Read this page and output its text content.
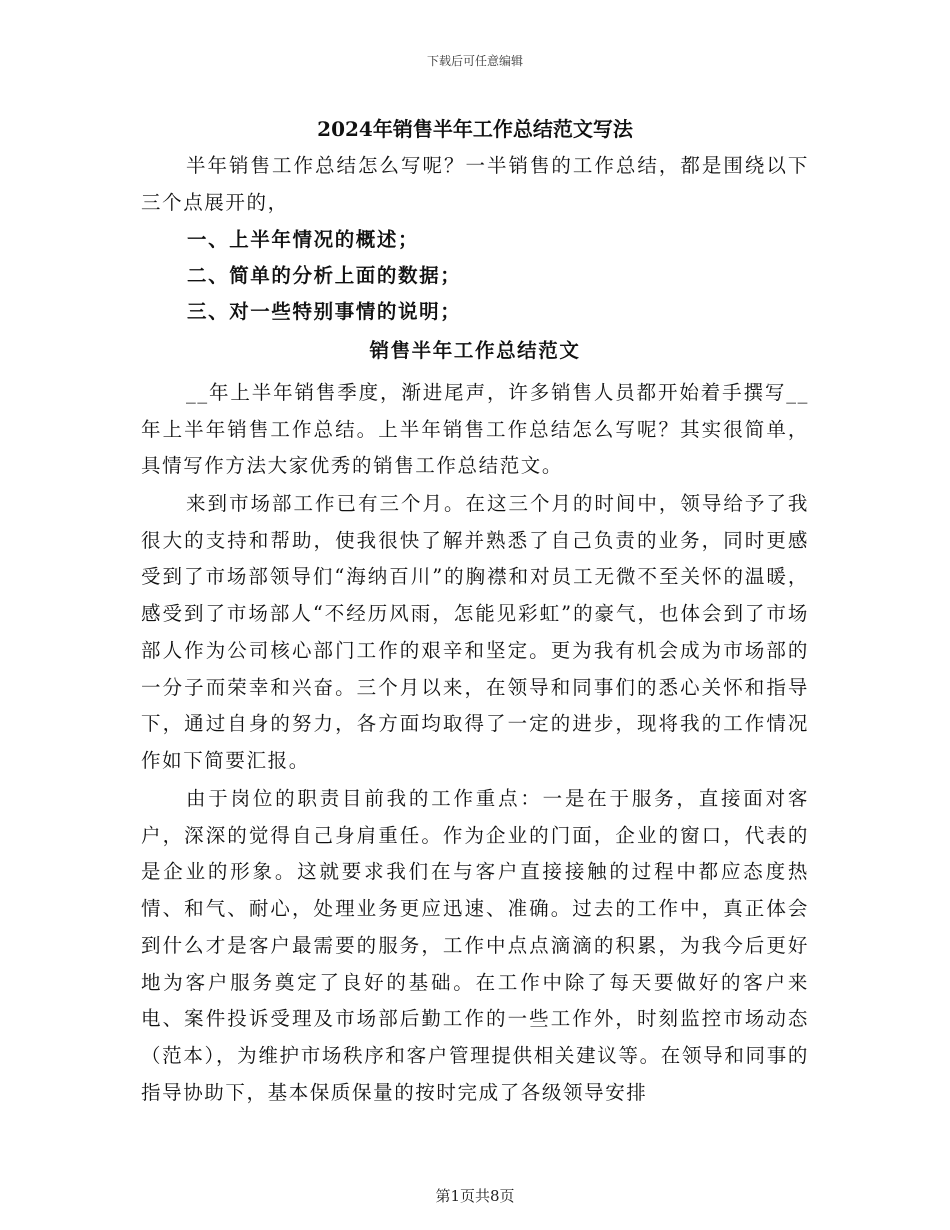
下载后可任意编辑
2024年销售半年工作总结范文写法

半年销售工作总结怎么写呢？一半销售的工作总结，都是围绕以下三个点展开的，

一、上半年情况的概述；

二、简单的分析上面的数据；

三、对一些特别事情的说明；

销售半年工作总结范文

__年上半年销售季度，渐进尾声，许多销售人员都开始着手撰写__年上半年销售工作总结。上半年销售工作总结怎么写呢？其实很简单，具情写作方法大家优秀的销售工作总结范文。

来到市场部工作已有三个月。在这三个月的时间中，领导给予了我很大的支持和帮助，使我很快了解并熟悉了自己负责的业务，同时更感受到了市场部领导们“海纳百川”的胸襟和对员工无微不至关怀的温暖，感受到了市场部人“不经历风雨，怎能见彩虹”的豪气，也体会到了市场部人作为公司核心部门工作的艰辛和坚定。更为我有机会成为市场部的一分子而荣幸和兴奋。三个月以来，在领导和同事们的悉心关怀和指导下，通过自身的努力，各方面均取得了一定的进步，现将我的工作情况作如下简要汇报。

由于岗位的职责目前我的工作重点：一是在于服务，直接面对客户，深深的觉得自己身肩重任。作为企业的门面，企业的窗口，代表的是企业的形象。这就要求我们在与客户直接接触的过程中都应态度热情、和气、耐心，处理业务更应迅速、准确。过去的工作中，真正体会到什么才是客户最需要的服务，工作中点点滴滴的积累，为我今后更好地为客户服务奠定了良好的基础。在工作中除了每天要做好的客户来电、案件投诉受理及市场部后勤工作的一些工作外，时刻监控市场动态（范本），为维护市场秩序和客户管理提供相关建议等。在领导和同事的指导协助下，基本保质保量的按时完成了各级领导安排

第1页共8页
